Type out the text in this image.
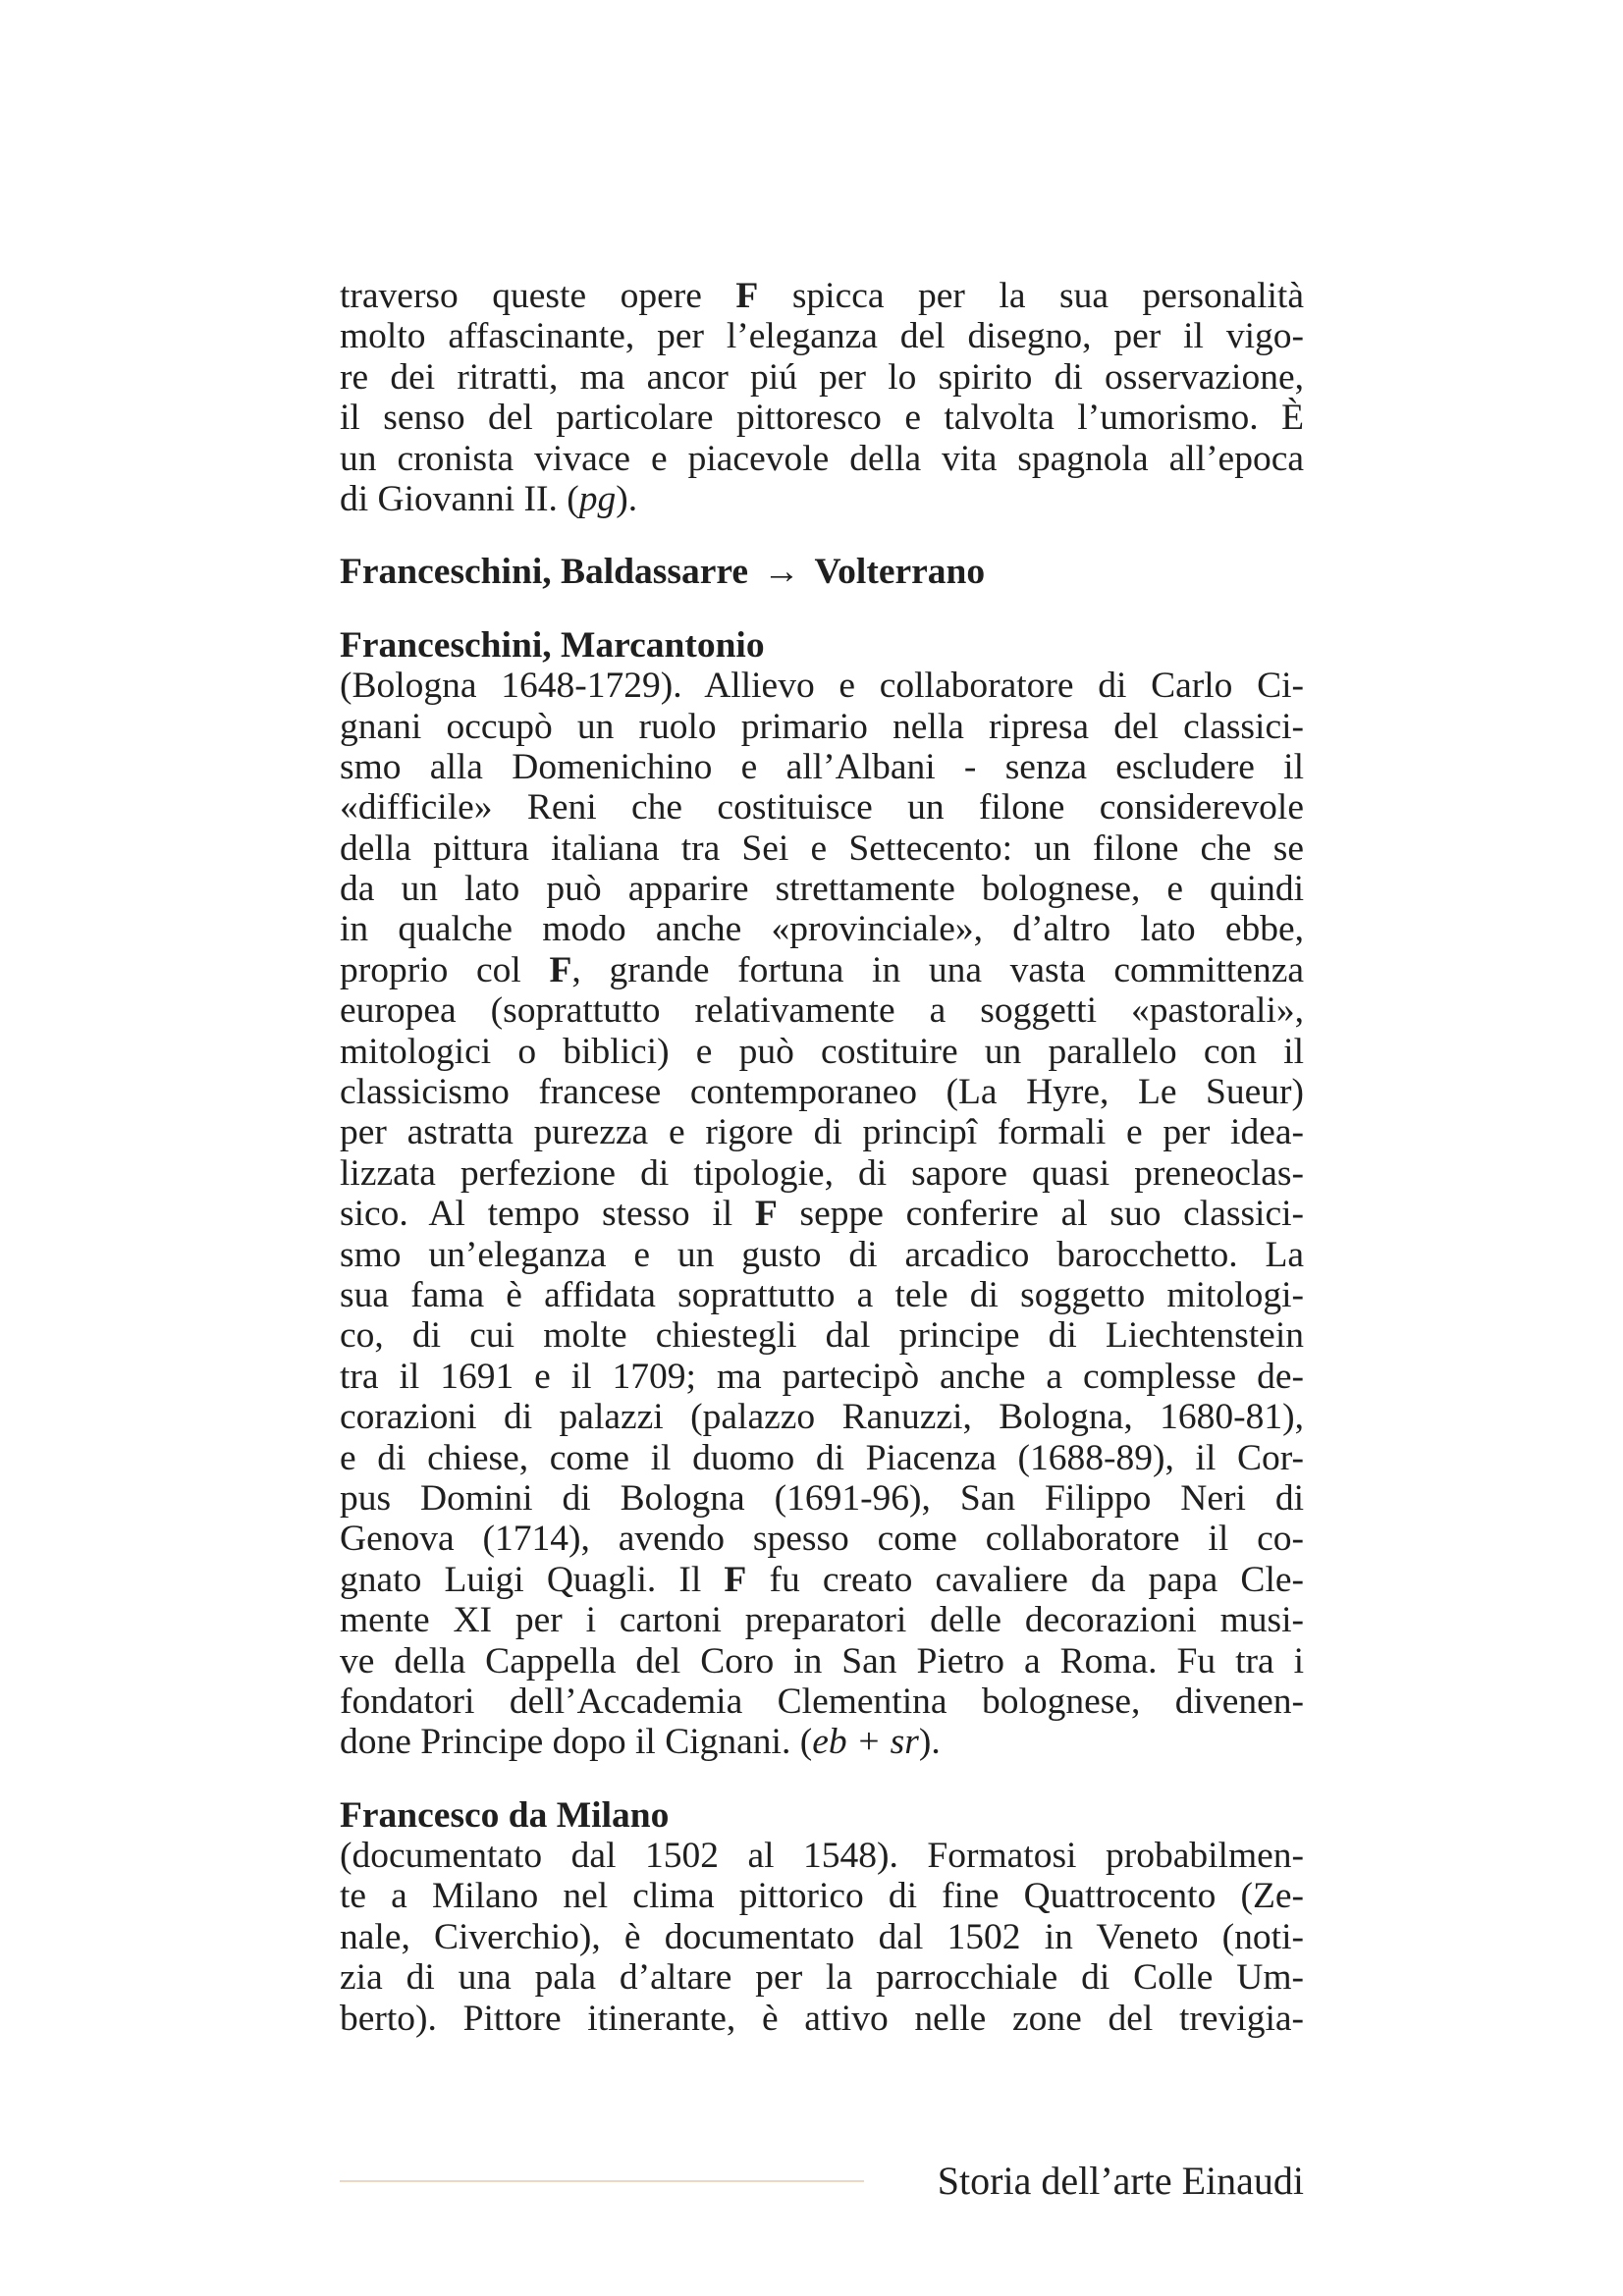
traverso queste opere F spicca per la sua personalità
molto affascinante, per l’eleganza del disegno, per il vigo-
re dei ritratti, ma ancor piú per lo spirito di osservazione,
il senso del particolare pittoresco e talvolta l’umorismo. È
un cronista vivace e piacevole della vita spagnola all’epoca
di Giovanni II. (pg).
Franceschini, Baldassarre → Volterrano
Franceschini, Marcantonio
(Bologna 1648-1729). Allievo e collaboratore di Carlo Ci-
gnani occupò un ruolo primario nella ripresa del classici-
smo alla Domenichino e all’Albani - senza escludere il
«difficile» Reni che costituisce un filone considerevole
della pittura italiana tra Sei e Settecento: un filone che se
da un lato può apparire strettamente bolognese, e quindi
in qualche modo anche «provinciale», d’altro lato ebbe,
proprio col F, grande fortuna in una vasta committenza
europea (soprattutto relativamente a soggetti «pastorali»,
mitologici o biblici) e può costituire un parallelo con il
classicismo francese contemporaneo (La Hyre, Le Sueur)
per astratta purezza e rigore di principî formali e per idea-
lizzata perfezione di tipologie, di sapore quasi preneoclas-
sico. Al tempo stesso il F seppe conferire al suo classici-
smo un’eleganza e un gusto di arcadico barocchetto. La
sua fama è affidata soprattutto a tele di soggetto mitologi-
co, di cui molte chiestegli dal principe di Liechtenstein
tra il 1691 e il 1709; ma partecipò anche a complesse de-
corazioni di palazzi (palazzo Ranuzzi, Bologna, 1680-81),
e di chiese, come il duomo di Piacenza (1688-89), il Cor-
pus Domini di Bologna (1691-96), San Filippo Neri di
Genova (1714), avendo spesso come collaboratore il co-
gnato Luigi Quagli. Il F fu creato cavaliere da papa Cle-
mente XI per i cartoni preparatori delle decorazioni musi-
ve della Cappella del Coro in San Pietro a Roma. Fu tra i
fondatori dell’Accademia Clementina bolognese, divenen-
done Principe dopo il Cignani. (eb + sr).
Francesco da Milano
(documentato dal 1502 al 1548). Formatosi probabilmen-
te a Milano nel clima pittorico di fine Quattrocento (Ze-
nale, Civerchio), è documentato dal 1502 in Veneto (noti-
zia di una pala d’altare per la parrocchiale di Colle Um-
berto). Pittore itinerante, è attivo nelle zone del trevigia-
Storia dell’arte Einaudi
